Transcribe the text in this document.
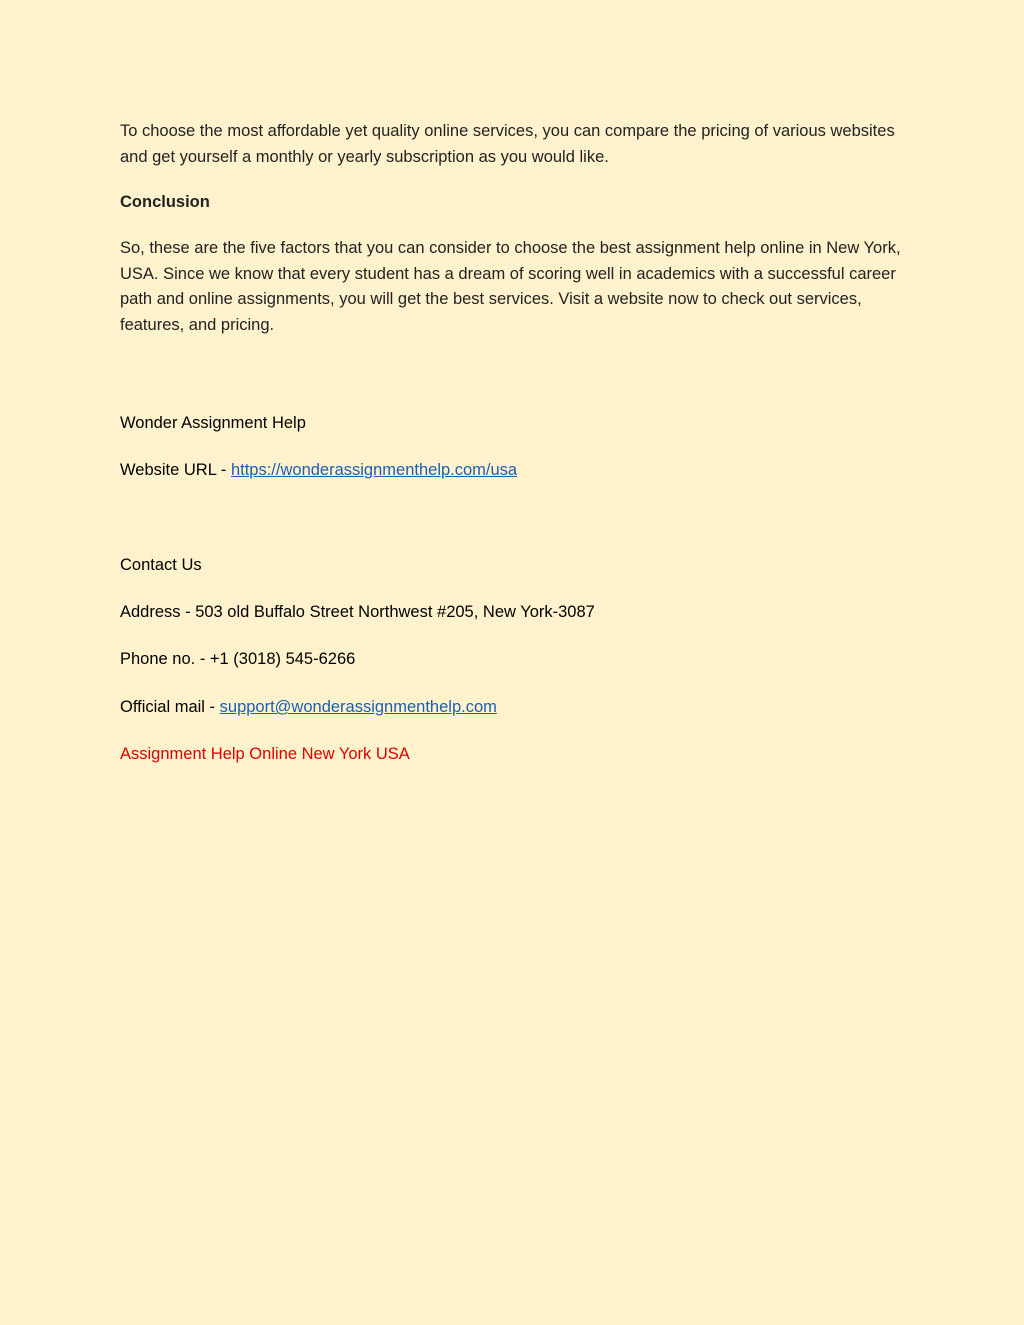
To choose the most affordable yet quality online services, you can compare the pricing of various websites and get yourself a monthly or yearly subscription as you would like.

Conclusion

So, these are the five factors that you can consider to choose the best assignment help online in New York, USA. Since we know that every student has a dream of scoring well in academics with a successful career path and online assignments, you will get the best services. Visit a website now to check out services, features, and pricing.

Wonder Assignment Help

Website URL - https://wonderassignmenthelp.com/usa

Contact Us

Address - 503 old Buffalo Street Northwest #205, New York-3087

Phone no. - +1 (3018) 545-6266

Official mail - support@wonderassignmenthelp.com

Assignment Help Online New York USA
